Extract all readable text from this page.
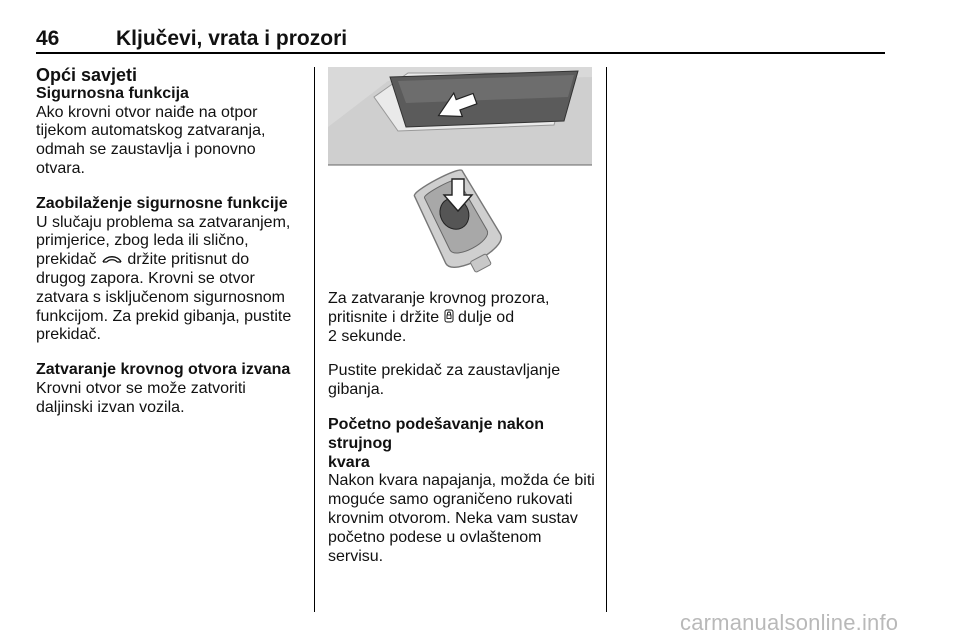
46	Ključevi, vrata i prozori

Opći savjeti

Sigurnosna funkcija

Ako krovni otvor naiđe na otpor

tijekom automatskog zatvaranja,

odmah se zaustavlja i ponovno

otvara.

Zaobilaženje sigurnosne funkcije

U slučaju problema sa zatvaranjem,

primjerice, zbog leda ili slično,

prekidač  držite pritisnut do

drugog zapora. Krovni se otvor

zatvara s isključenom sigurnosnom

funkcijom. Za prekid gibanja, pustite

prekidač.

Zatvaranje krovnog otvora izvana

Krovni otvor se može zatvoriti

daljinski izvan vozila.

Za zatvaranje krovnog prozora,

pritisnite i držite  dulje od

2 sekunde.

Pustite prekidač za zaustavljanje

gibanja.

Početno podešavanje nakon strujnog

kvara

Nakon kvara napajanja, možda će biti

moguće samo ograničeno rukovati

krovnim otvorom. Neka vam sustav

početno podese u ovlaštenom

servisu.

carmanualsonline.info
